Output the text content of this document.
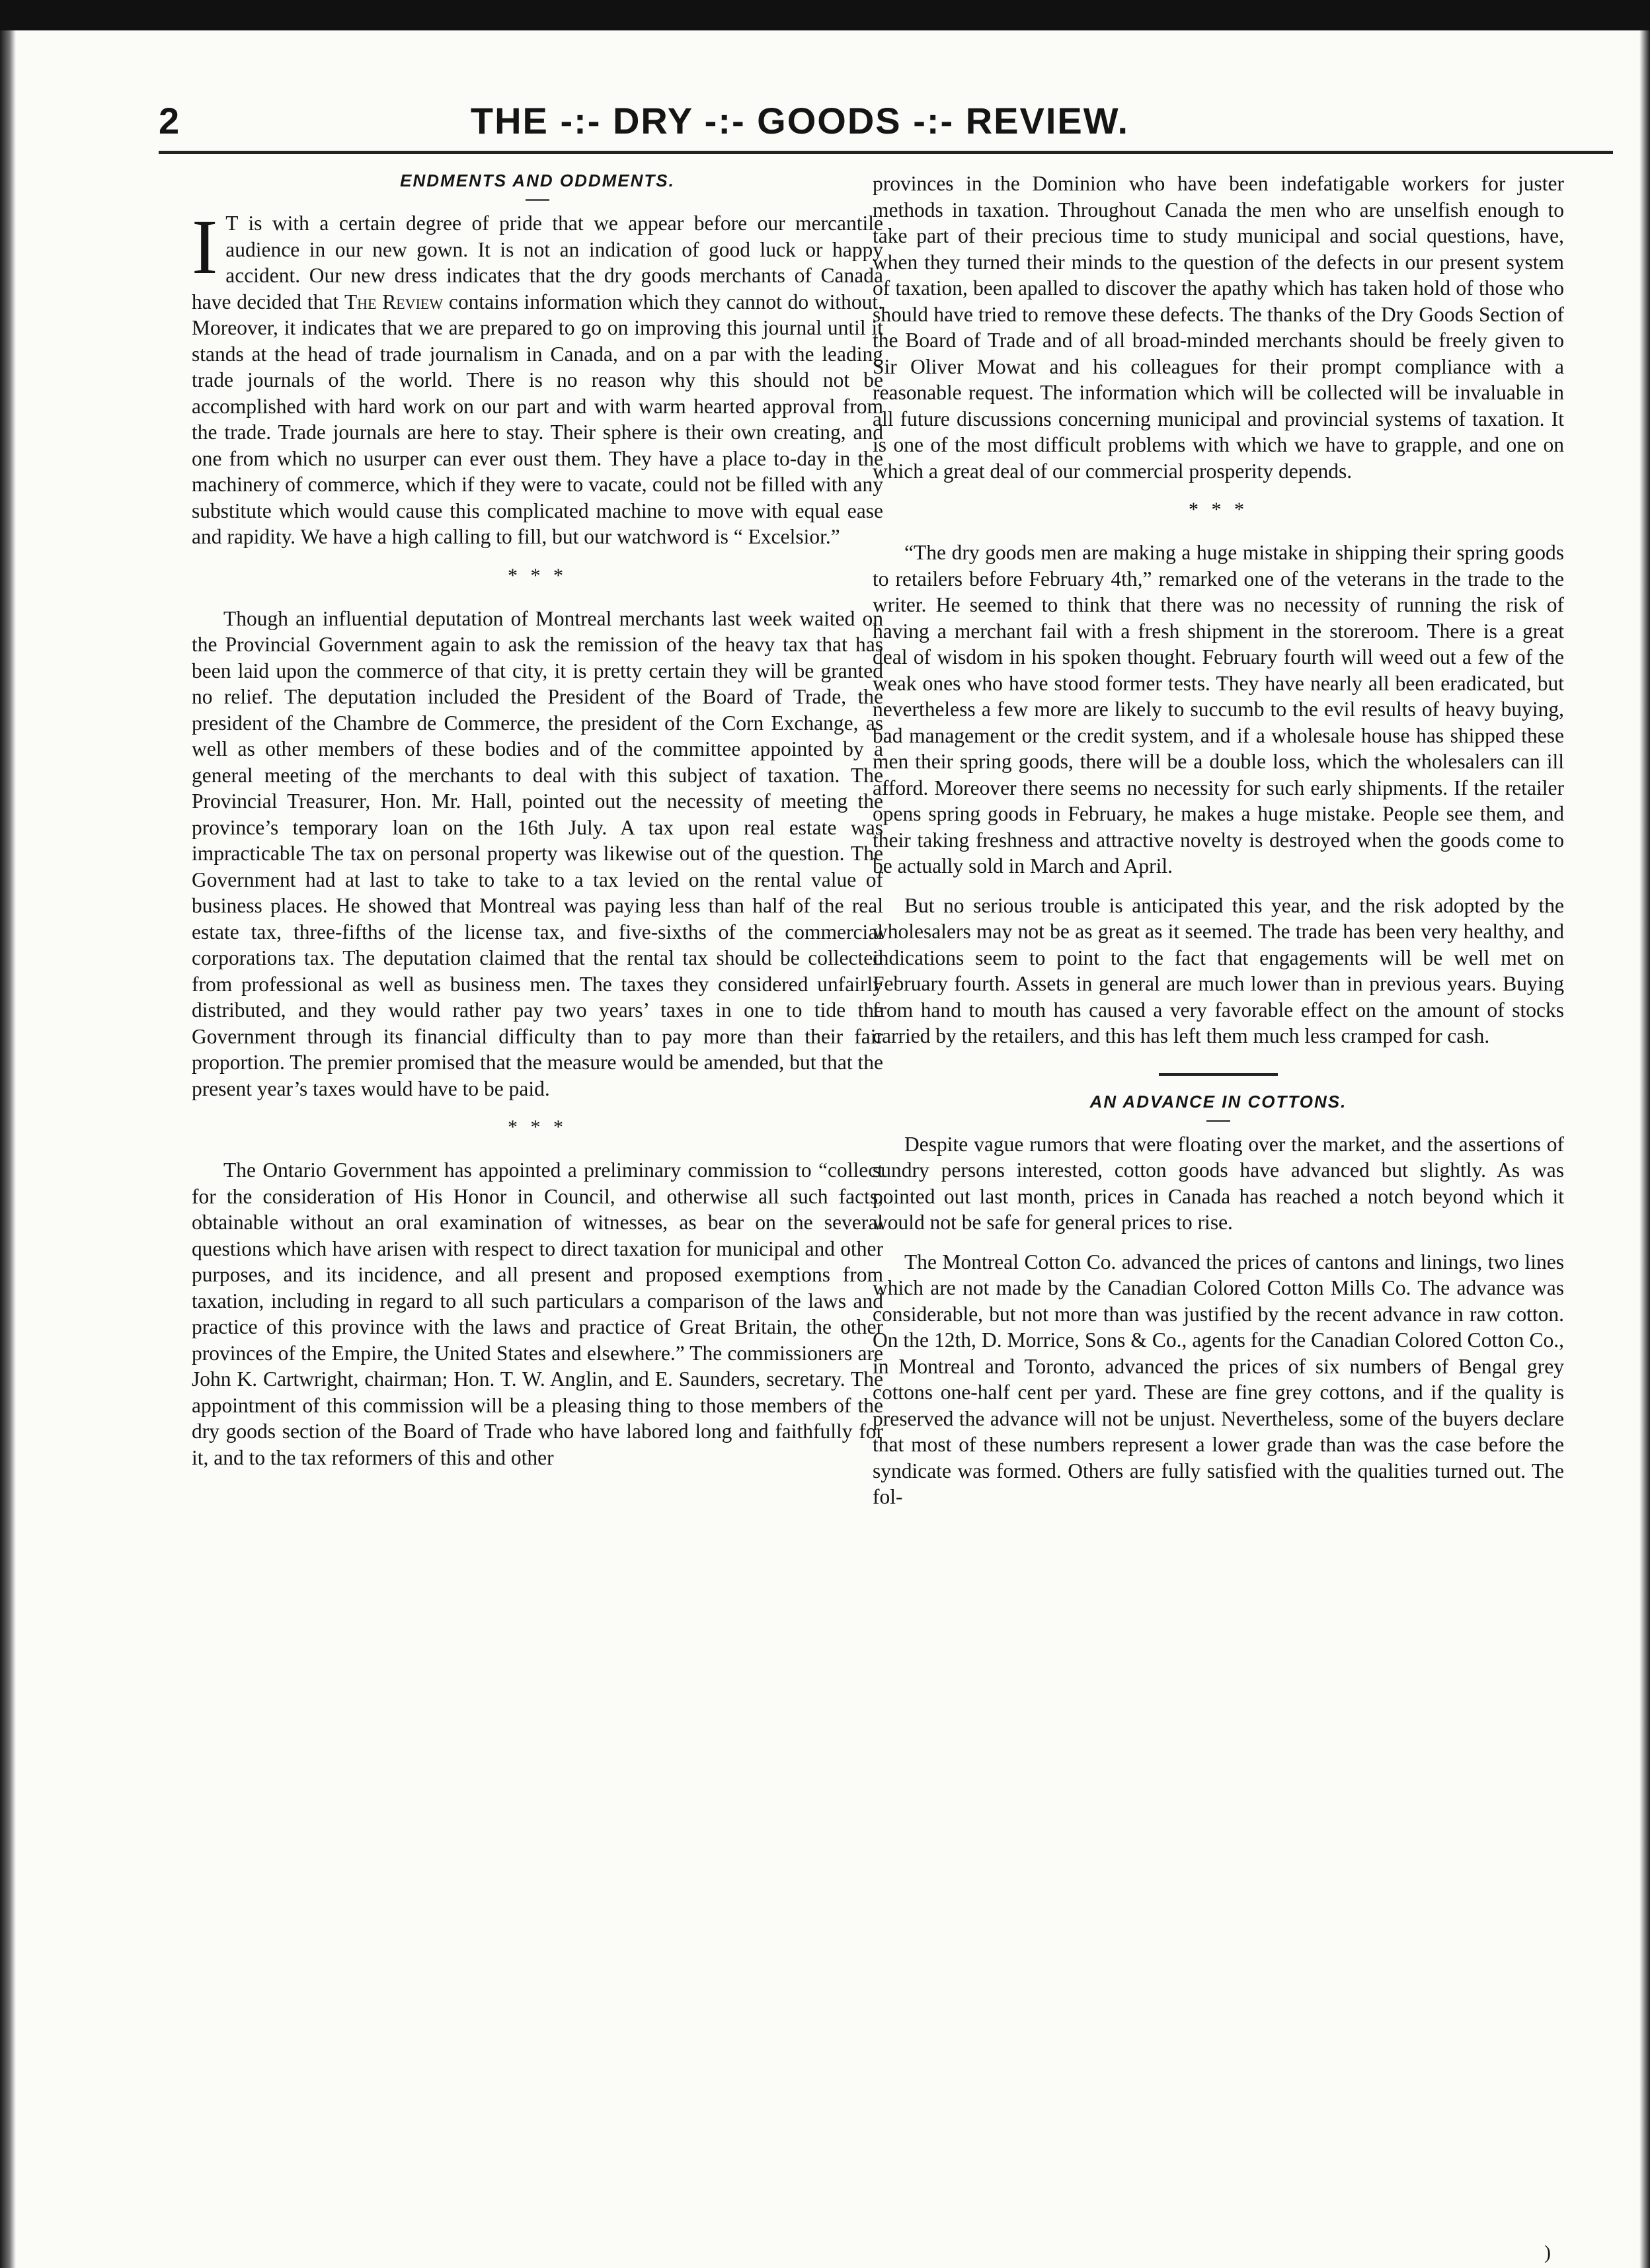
2	THE -:- DRY -:- GOODS -:- REVIEW.
ENDMENTS AND ODDMENTS.

I T is with a certain degree of pride that we appear before our mercantile audience in our new gown. It is not an indication of good luck or happy accident. Our new dress indicates that the dry goods merchants of Canada have decided that The Review contains information which they cannot do without. Moreover, it indicates that we are prepared to go on improving this journal until it stands at the head of trade journalism in Canada, and on a par with the leading trade journals of the world. There is no reason why this should not be accomplished with hard work on our part and with warm hearted approval from the trade. Trade journals are here to stay. Their sphere is their own creating, and one from which no usurper can ever oust them. They have a place to-day in the machinery of commerce, which if they were to vacate, could not be filled with any substitute which would cause this complicated machine to move with equal ease and rapidity. We have a high calling to fill, but our watchword is “ Excelsior.”

* * *

Though an influential deputation of Montreal merchants last week waited on the Provincial Government again to ask the remission of the heavy tax that has been laid upon the commerce of that city, it is pretty certain they will be granted no relief. The deputation included the President of the Board of Trade, the president of the Chambre de Commerce, the president of the Corn Exchange, as well as other members of these bodies and of the committee appointed by a general meeting of the merchants to deal with this subject of taxation. The Provincial Treasurer, Hon. Mr. Hall, pointed out the necessity of meeting the province’s temporary loan on the 16th July. A tax upon real estate was impracticable The tax on personal property was likewise out of the question. The Government had at last to take to take to a tax levied on the rental value of business places. He showed that Montreal was paying less than half of the real estate tax, three-fifths of the license tax, and five-sixths of the commercial corporations tax. The deputation claimed that the rental tax should be collected from professional as well as business men. The taxes they considered unfairly distributed, and they would rather pay two years’ taxes in one to tide the Government through its financial difficulty than to pay more than their fair proportion. The premier promised that the measure would be amended, but that the present year’s taxes would have to be paid.

* * *

The Ontario Government has appointed a preliminary commission to “collect for the consideration of His Honor in Council, and otherwise all such facts, obtainable without an oral examination of witnesses, as bear on the several questions which have arisen with respect to direct taxation for municipal and other purposes, and its incidence, and all present and proposed exemptions from taxation, including in regard to all such particulars a comparison of the laws and practice of this province with the laws and practice of Great Britain, the other provinces of the Empire, the United States and elsewhere.” The commissioners are John K. Cartwright, chairman; Hon. T. W. Anglin, and E. Saunders, secretary. The appointment of this commission will be a pleasing thing to those members of the dry goods section of the Board of Trade who have labored long and faithfully for it, and to the tax reformers of this and other

provinces in the Dominion who have been indefatigable workers for juster methods in taxation. Throughout Canada the men who are unselfish enough to take part of their precious time to study municipal and social questions, have, when they turned their minds to the question of the defects in our present system of taxation, been apalled to discover the apathy which has taken hold of those who should have tried to remove these defects. The thanks of the Dry Goods Section of the Board of Trade and of all broad-minded merchants should be freely given to Sir Oliver Mowat and his colleagues for their prompt compliance with a reasonable request. The information which will be collected will be invaluable in all future discussions concerning municipal and provincial systems of taxation. It is one of the most difficult problems with which we have to grapple, and one on which a great deal of our commercial prosperity depends.

* * *

“The dry goods men are making a huge mistake in shipping their spring goods to retailers before February 4th,” remarked one of the veterans in the trade to the writer. He seemed to think that there was no necessity of running the risk of having a merchant fail with a fresh shipment in the storeroom. There is a great deal of wisdom in his spoken thought. February fourth will weed out a few of the weak ones who have stood former tests. They have nearly all been eradicated, but nevertheless a few more are likely to succumb to the evil results of heavy buying, bad management or the credit system, and if a wholesale house has shipped these men their spring goods, there will be a double loss, which the wholesalers can ill afford. Moreover there seems no necessity for such early shipments. If the retailer opens spring goods in February, he makes a huge mistake. People see them, and their taking freshness and attractive novelty is destroyed when the goods come to be actually sold in March and April.

But no serious trouble is anticipated this year, and the risk adopted by the wholesalers may not be as great as it seemed. The trade has been very healthy, and indications seem to point to the fact that engagements will be well met on February fourth. Assets in general are much lower than in previous years. Buying from hand to mouth has caused a very favorable effect on the amount of stocks carried by the retailers, and this has left them much less cramped for cash.

AN ADVANCE IN COTTONS.

Despite vague rumors that were floating over the market, and the assertions of sundry persons interested, cotton goods have advanced but slightly. As was pointed out last month, prices in Canada has reached a notch beyond which it would not be safe for general prices to rise.

The Montreal Cotton Co. advanced the prices of cantons and linings, two lines which are not made by the Canadian Colored Cotton Mills Co. The advance was considerable, but not more than was justified by the recent advance in raw cotton. On the 12th, D. Morrice, Sons & Co., agents for the Canadian Colored Cotton Co., in Montreal and Toronto, advanced the prices of six numbers of Bengal grey cottons one-half cent per yard. These are fine grey cottons, and if the quality is preserved the advance will not be unjust. Nevertheless, some of the buyers declare that most of these numbers represent a lower grade than was the case before the syndicate was formed. Others are fully satisfied with the qualities turned out. The fol-

)
